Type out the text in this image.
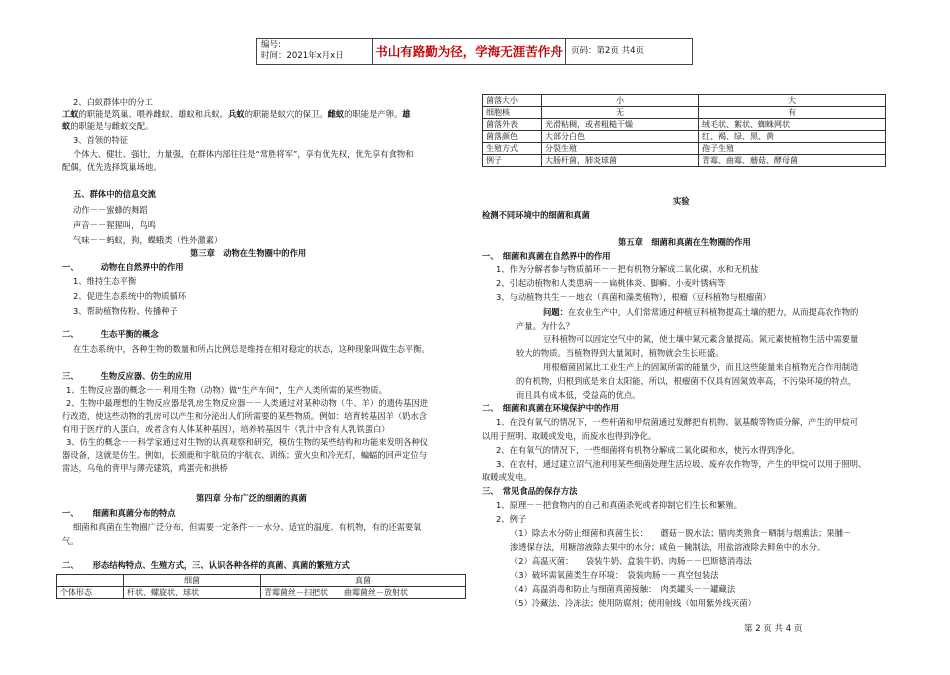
编号:
时间：2021年x月x日	书山有路勤为径，学海无涯苦作舟 页码：第2页 共4页
2、白蚁群体中的分工
工蚁的职能是筑巢、喂养雌蚁、雄蚁和兵蚁。兵蚁的职能是蚁穴的保卫。雌蚁的职能是产卵。雄
蚁的职能是与雌蚁交配。
3、首领的特征
个体大、健壮、强壮，力量强，在群体内部往往是“常胜将军”，享有优先权，优先享有食物和
配偶，优先选择筑巢场地。
五、群体中的信息交流
动作－－蜜蜂的舞蹈
声音－－猩猩叫，鸟鸣
气味－－蚂蚁，狗，蝶蛾类（性外激素）
第三章　动物在生物圈中的作用
一、	动物在自然界中的作用
1、维持生态平衡
2、促进生态系统中的物质循环
3、帮助植物传粉、传播种子
二、	生态平衡的概念
在生态系统中，各种生物的数量和所占比例总是维持在相对稳定的状态，这种现象叫做生态平衡。
三、	生物反应器、仿生的应用
1、生物反应器的概念－－利用生物（动物）做“生产车间”，生产人类所需的某些物质。
2、生物中最理想的生物反应器是乳房生物反应器－－人类通过对某种动物（牛、羊）的遗传基因进
行改造，使这些动物的乳房可以产生和分泌出人们所需要的某些物质。例如：培育转基因羊（奶水含
有用于医疗的人蛋白，或者含有人体某种基因），培养转基因牛（乳汁中含有人乳铁蛋白）
3、仿生的概念－－科学家通过对生物的认真观察和研究，模仿生物的某些结构和功能来发明各种仪
器设备，这就是仿生。例如，长颈鹿和宇航员的宇航衣、训练；萤火虫和冷光灯，蝙蝠的回声定位与
雷达，乌龟的背甲与薄壳建筑，鸡蛋壳和拱桥
第四章 分布广泛的细菌的真菌
一、 细菌和真菌分布的特点
细菌和真菌在生物圈广泛分布，但需要一定条件－－水分、适宜的温度、有机物，有的还需要氧
气。
二、 形态结构特点、生殖方式，三、认识各种各样的真菌、真菌的繁殖方式
	细菌	真菌
个体形态	杆状、螺旋状、球状	青霉菌丝－扫把状　　曲霉菌丝－放射状
菌落大小	小	大
细胞核	无	有
菌落外表	光滑粘稠，或者粗糙干燥	绒毛状、絮状、蜘蛛网状
菌落颜色	大部分白色	红、褐、绿、黑、黄
生殖方式	分裂生殖	孢子生殖
例子	大肠杆菌，肺炎球菌	青霉、曲霉、蘑菇、酵母菌
实验
检测不同环境中的细菌和真菌
第五章　细菌和真菌在生物圈的作用
一、　细菌和真菌在自然界中的作用
1、作为分解者参与物质循环－－把有机物分解成二氧化碳、水和无机盐
2、引起动植物和人类患病－－扁桃体炎、脚癣、小麦叶锈病等
3、与动植物共生－－地衣（真菌和藻类植物），根瘤（豆科植物与根瘤菌）
问题：在农业生产中，人们常常通过种植豆科植物提高土壤的肥力，从而提高农作物的
产量。为什么？
豆科植物可以固定空气中的氮，使土壤中氮元素含量提高。氮元素使植物生活中需要量
较大的物质。当植物得到大量氮时，植物就会生长旺盛。
用根瘤菌固氮比工业生产上的固氮所需的能量少，而且这些能量来自植物光合作用制造
的有机物，归根到底是来自太阳能，所以，根瘤菌不仅具有固氮效率高，不污染环境的特点，
而且具有成本低，受益高的优点。
二、　细菌和真菌在环境保护中的作用
1、在没有氧气的情况下，一些杆菌和甲烷菌通过发酵把有机物、氨基酸等物质分解，产生的甲烷可
以用于照明、取暖或发电，而废水也得到净化。
2、在有氧气的情况下，一些细菌将有机物分解成二氧化碳和水，使污水得到净化。
3、在农村，通过建立沼气池利用某些细菌处理生活垃圾、废弃农作物等，产生的甲烷可以用于照明、
取暖或发电。
三、　常见食品的保存方法
1、原理－－把食物内的自己和真菌杀死或者抑制它们生长和繁殖。
2、例子
（1）除去水分防止细菌和真菌生长：　　蘑菇－脱水法；腊肉类熟食－晒制与烟熏法；果脯－
渗透保存法，用糖溶液除去果中的水分；咸鱼－腌制法，用盐溶液除去鲜鱼中的水分。
（2）高温灭菌：　　袋装牛奶、盒装牛奶、肉肠－－巴斯德消毒法
（3）破坏需氧菌类生存环境：　袋装肉肠－－真空包装法
（4）高温消毒和防止与细菌真菌接触：　肉类罐头－－罐藏法
（5）冷藏法、冷冻法；使用防腐剂；使用射线（如用紫外线灭菌）
第 2 页 共 4 页
